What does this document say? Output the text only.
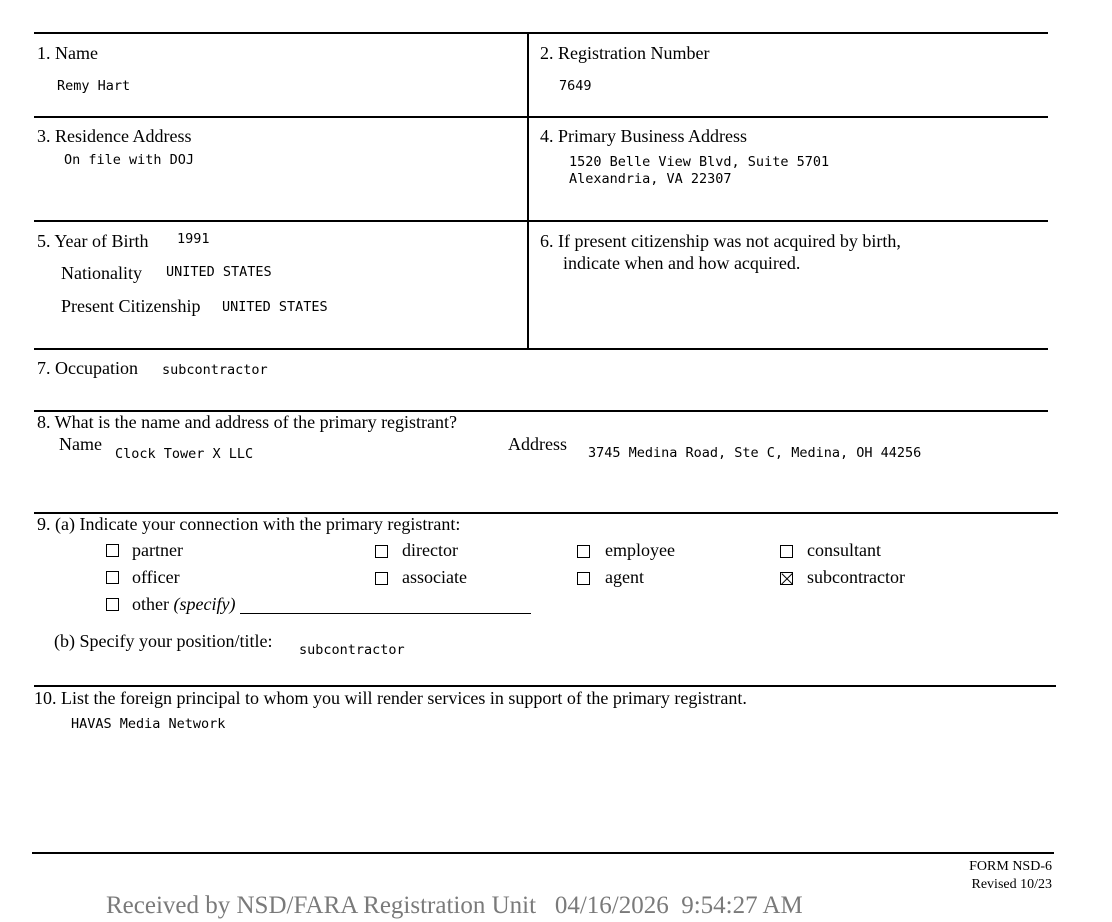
1. Name
Remy Hart
2. Registration Number
7649
3. Residence Address
On file with DOJ
4. Primary Business Address
1520 Belle View Blvd, Suite 5701
Alexandria, VA 22307
5. Year of Birth 1991
Nationality UNITED STATES
Present Citizenship UNITED STATES
6. If present citizenship was not acquired by birth,
indicate when and how acquired.
7. Occupation subcontractor
8. What is the name and address of the primary registrant?
Name Clock Tower X LLC	Address 3745 Medina Road, Ste C, Medina, OH 44256
9. (a) Indicate your connection with the primary registrant:
partner	director	employee	consultant
officer	associate	agent	subcontractor
other (specify)
(b) Specify your position/title: subcontractor
10. List the foreign principal to whom you will render services in support of the primary registrant.
HAVAS Media Network
FORM NSD-6
Revised 10/23
Received by NSD/FARA Registration Unit   04/16/2026  9:54:27 AM
